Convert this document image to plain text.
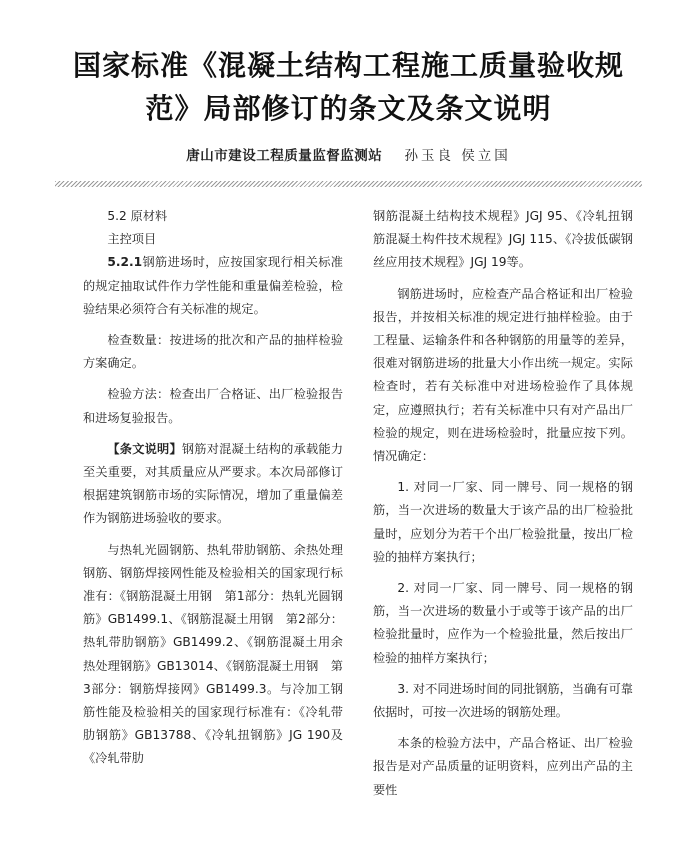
国家标准《混凝土结构工程施工质量验收规
范》局部修订的条文及条文说明
唐山市建设工程质量监督监测站 孙玉良 侯立国

5.2 原材料

主控项目

5.2.1钢筋进场时，应按国家现行相关标准的规定抽取试件作力学性能和重量偏差检验，检验结果必须符合有关标准的规定。

检查数量：按进场的批次和产品的抽样检验方案确定。

检验方法：检查出厂合格证、出厂检验报告和进场复验报告。

【条文说明】钢筋对混凝土结构的承载能力至关重要，对其质量应从严要求。本次局部修订根据建筑钢筋市场的实际情况，增加了重量偏差作为钢筋进场验收的要求。

与热轧光圆钢筋、热轧带肋钢筋、余热处理钢筋、钢筋焊接网性能及检验相关的国家现行标准有：《钢筋混凝土用钢　第1部分：热轧光圆钢筋》GB1499.1、《钢筋混凝土用钢　第2部分：热轧带肋钢筋》GB1499.2、《钢筋混凝土用余热处理钢筋》GB13014、《钢筋混凝土用钢　第3部分：钢筋焊接网》GB1499.3。与冷加工钢筋性能及检验相关的国家现行标准有：《冷轧带肋钢筋》GB13788、《冷轧扭钢筋》JG 190及《冷轧带肋

钢筋混凝土结构技术规程》JGJ 95、《冷轧扭钢筋混凝土构件技术规程》JGJ 115、《冷拔低碳钢丝应用技术规程》JGJ 19等。

钢筋进场时，应检查产品合格证和出厂检验报告，并按相关标准的规定进行抽样检验。由于工程量、运输条件和各种钢筋的用量等的差异，很难对钢筋进场的批量大小作出统一规定。实际检查时，若有关标准中对进场检验作了具体规定，应遵照执行；若有关标准中只有对产品出厂检验的规定，则在进场检验时，批量应按下列。情况确定：

1. 对同一厂家、同一牌号、同一规格的钢筋，当一次进场的数量大于该产品的出厂检验批量时，应划分为若干个出厂检验批量，按出厂检验的抽样方案执行；

2. 对同一厂家、同一牌号、同一规格的钢筋，当一次进场的数量小于或等于该产品的出厂检验批量时，应作为一个检验批量，然后按出厂检验的抽样方案执行；

3. 对不同进场时间的同批钢筋，当确有可靠依据时，可按一次进场的钢筋处理。

本条的检验方法中，产品合格证、出厂检验报告是对产品质量的证明资料，应列出产品的主要性
